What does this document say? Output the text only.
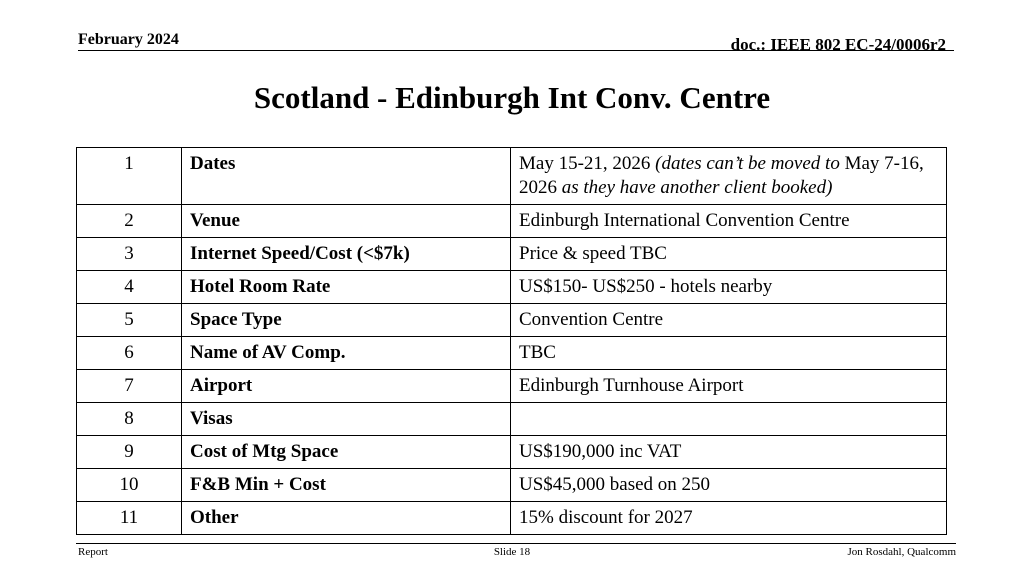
February 2024	doc.: IEEE 802 EC-24/0006r2
Scotland - Edinburgh Int Conv. Centre
1	Dates	May 15-21, 2026 (dates can’t be moved to May 7-16, 2026 as they have another client booked)
2	Venue	Edinburgh International Convention Centre
3	Internet Speed/Cost (<$7k)	Price & speed TBC
4	Hotel Room Rate	US$150- US$250 - hotels nearby
5	Space Type	Convention Centre
6	Name of AV Comp.	TBC
7	Airport	Edinburgh Turnhouse Airport
8	Visas	
9	Cost of Mtg Space	US$190,000 inc VAT
10	F&B Min + Cost	US$45,000 based on 250
11	Other	15% discount for 2027
Report	Slide 18	Jon Rosdahl, Qualcomm
